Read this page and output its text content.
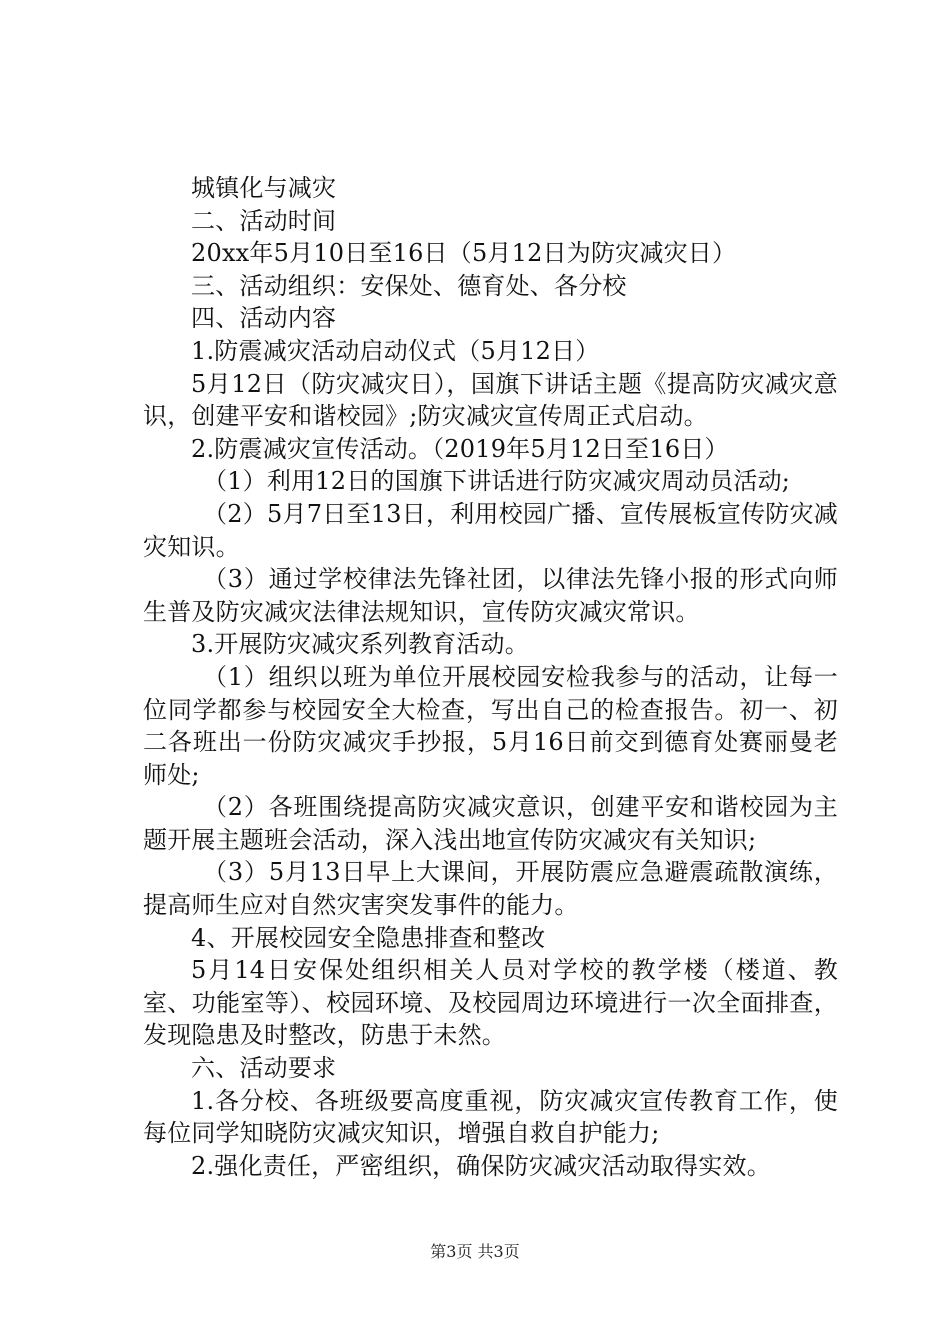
城镇化与减灾

二、活动时间

20xx年5月10日至16日（5月12日为防灾减灾日）

三、活动组织：安保处、德育处、各分校

四、活动内容

1.防震减灾活动启动仪式（5月12日）

5月12日（防灾减灾日），国旗下讲话主题《提高防灾减灾意识，创建平安和谐校园》;防灾减灾宣传周正式启动。

2.防震减灾宣传活动。（2019年5月12日至16日）

（1）利用12日的国旗下讲话进行防灾减灾周动员活动;

（2）5月7日至13日，利用校园广播、宣传展板宣传防灾减灾知识。

（3）通过学校律法先锋社团，以律法先锋小报的形式向师生普及防灾减灾法律法规知识，宣传防灾减灾常识。

3.开展防灾减灾系列教育活动。

（1）组织以班为单位开展校园安检我参与的活动，让每一位同学都参与校园安全大检查，写出自己的检查报告。初一、初二各班出一份防灾减灾手抄报，5月16日前交到德育处赛丽曼老师处;

（2）各班围绕提高防灾减灾意识，创建平安和谐校园为主题开展主题班会活动，深入浅出地宣传防灾减灾有关知识;

（3）5月13日早上大课间，开展防震应急避震疏散演练，提高师生应对自然灾害突发事件的能力。

4、开展校园安全隐患排查和整改

5月14日安保处组织相关人员对学校的教学楼（楼道、教室、功能室等）、校园环境、及校园周边环境进行一次全面排查，发现隐患及时整改，防患于未然。

六、活动要求

1.各分校、各班级要高度重视，防灾减灾宣传教育工作，使每位同学知晓防灾减灾知识，增强自救自护能力;

2.强化责任，严密组织，确保防灾减灾活动取得实效。

第3页 共3页
